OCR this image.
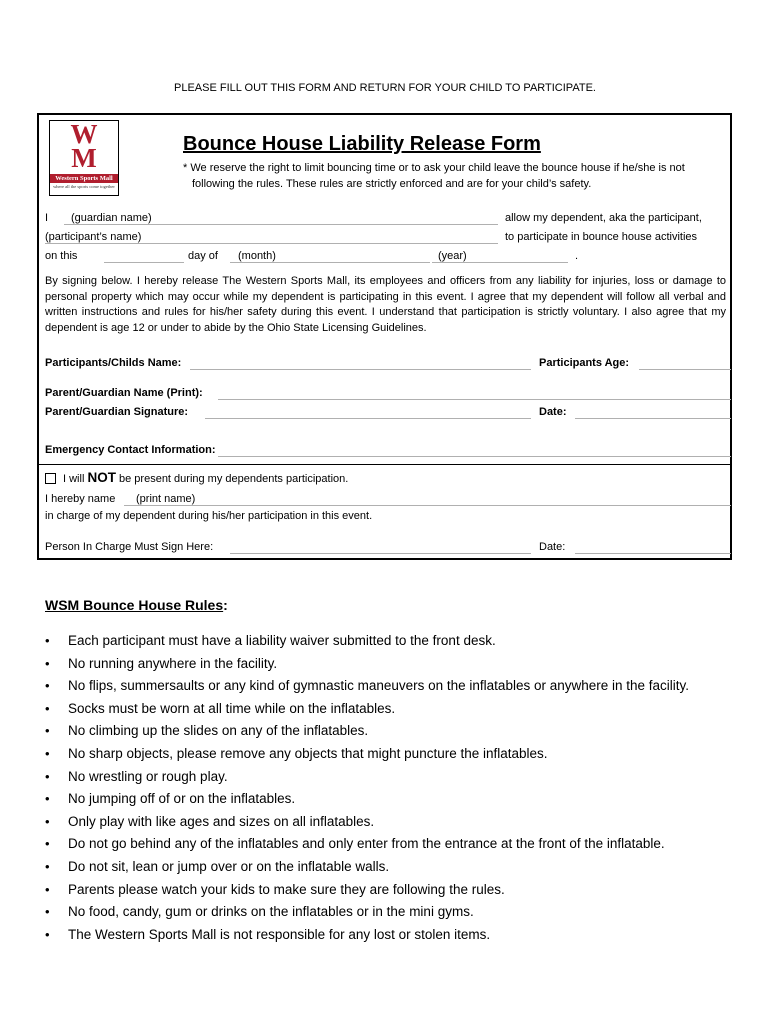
PLEASE FILL OUT THIS FORM AND RETURN FOR YOUR CHILD TO PARTICIPATE.
W
M
Western Sports Mall
where all the sports come together
Bounce House Liability Release Form
* We reserve the right to limit bouncing time or to ask your child leave the bounce house if he/she is not
following the rules. These rules are strictly enforced and are for your child’s safety.
I (guardian name)	allow my dependent, aka the participant,
(participant’s name)	to participate in bounce house activities
on this	day of (month)	(year)	.
By signing below. I hereby release The Western Sports Mall, its employees and officers from any liability for injuries, loss or damage to personal property which may occur while my dependent is participating in this event. I agree that my dependent will follow all verbal and written instructions and rules for his/her safety during this event. I understand that participation is strictly voluntary. I also agree that my dependent is age 12 or under to abide by the Ohio State Licensing Guidelines.
Participants/Childs Name:	Participants Age:
Parent/Guardian Name (Print):
Parent/Guardian Signature:	Date:
Emergency Contact Information:
I will NOT be present during my dependents participation.
I hereby name (print name)
in charge of my dependent during his/her participation in this event.
Person In Charge Must Sign Here:	Date:
WSM Bounce House Rules:
• Each participant must have a liability waiver submitted to the front desk.
• No running anywhere in the facility.
• No flips, summersaults or any kind of gymnastic maneuvers on the inflatables or anywhere in the facility.
• Socks must be worn at all time while on the inflatables.
• No climbing up the slides on any of the inflatables.
• No sharp objects, please remove any objects that might puncture the inflatables.
• No wrestling or rough play.
• No jumping off of or on the inflatables.
• Only play with like ages and sizes on all inflatables.
• Do not go behind any of the inflatables and only enter from the entrance at the front of the inflatable.
• Do not sit, lean or jump over or on the inflatable walls.
• Parents please watch your kids to make sure they are following the rules.
• No food, candy, gum or drinks on the inflatables or in the mini gyms.
• The Western Sports Mall is not responsible for any lost or stolen items.
